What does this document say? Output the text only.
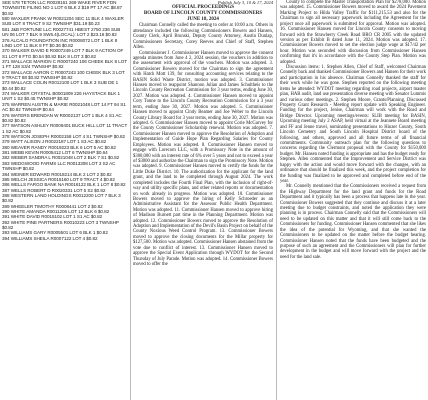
SEE 578 TETON LLC R0028161 269 WAKE RIVER FDN TOWNSITE FILING NO 1 LOT 6 BLK 2 $19 PT 17 AC $8.87 $0.82

580 WAXLER FRANK W R0021204 SEC 11 BLK 4 WAXLER SUB LOT 8 TRACT 9 S2 TWNSHP $31.19 $0.23

581 J&B FORTUNE LLC R0027741 HBEST 2750 236 SUB UN 06 LOT 7 BLK 9 SW6.4(LOCAL): LOT 2 $23.16 $0.82

376 ALCALO FOUNDATION INC R0008072 LOT 1 BLK 8 LIND LOT 11 BLK 8 FT $0.36 $0.82

370 WALKER DAVID E R0007249 LOT 7 BLK 9 ACTION OF S1 LOT 8 FTG $0.54 $0.82 BLK 8 LOT 3 $0.82

371 WALLACE MARION C R0007240 106 CHEEK BLK 8 LOT 1 FT 128 S3/4 TWNSHP $0.82

372 WALLACE AARON C R0007243 100 CHEEK BLK 3 LOT 9 TRACT 88 $0.82 TWNSHP $0.82

373 WALLACE COLIN R0012100 LOT 1 BLK 3 SUB DE 1 $0.44 $0.82

374 WALKER CRYSTAL B0001809 226 HAYSTACK BLK 1 UNIT 1 S2 $0.45 TWNSHP $0.82

375 WARREN AUSTIN & MARIE R0021048 LOT 14 FT 94 S1 AC $0.82 TWNSHP $0.64

376 WATERS BRENDAN W R0002137 LOT 1 BLK 4 S1 AC $0.82 $0.82

377 WATSON ASHLEY R0009401 BUCK HILL LOT 11 TRACT 1 S2 AC $0.82

378 WATSON JOSEPH R0002158 LOT 4 S1 TWNSHP $0.82

379 WATT ALISON J R0022187 LOT 1 S3 AC $0.82

380 WEAVER RANDY R0019223 BLK 6 LOT 5 AC $0.82

381 WEBB KEVIN R0005412 LOT 6 TWNSHP $0.64

382 WEBER SANDRA L R0021048 LOT 2 BLK 7 S1 $0.82

383 WEDGWOOD FARMS LLC R0013308 LOT 3 S2 AC TWNSHP $0.82

384 WEINER EDWARD R0018214 BLK 2 LOT 2 $0.82

385 WELCH JESSICA R0015160 LOT 9 TRACT 4 $0.82

386 WELLS FARGO BANK NA R0016122 BLK 1 LOT 8 $0.82

387 WELLS ROBERT D R0020331 LOT 5 S2 $0.82

388 WESTERN LAND HOLDINGS R0012200 LOT 7 BLK 3 $0.82

389 WHEELER TIMOTHY R0008441 LOT 2 $0.82

390 WHITE AMANDA R0011206 LOT 12 BLK 6 $0.82

391 WHITE DAVID R0015102 LOT 1 S1 AC $0.82

392 WHITE PINE PARTNERS R0010223 LOT 3 TWNSHP $0.82

393 WILLIAMS GARY R0005501 LOT 6 BLK 1 $0.82

394 WILLIAMS SHEILA R0007122 LOT 4 $0.82

Publish July 3, 10 & 17, 2024

OFFICIAL PROCEEDINGS

BOARD OF LINCOLN COUNTY COMMISSIONERS

JUNE 18, 2024

Chairman Connelly called the meeting to order at 10:00 a.m. Others in attendance included the following Commissioners Bowers and Hansen, County Clerk, April Brunski, Deputy County Attorney, Austin Dunlap, Commissioners Secretary, Corey Reeves and Chief of Staff, Stephen Allen.

Commissioner J. Commissioner Hansen moved to approve the consent agenda minutes from June 4 2, 2024 session, the vouchers in addition to the assessment with approval of the vouchers. Motion was adopted. 3. Commissioner Bowers moved for the Chairman to sign the agreement with Hatch Mott 139, for consulting accounting services relating to the BASIN Solid Waste District, motion was adopted. 3. Commissioner Hansen moved to reappoint Shannon Julian and James Schultheis to the Lincoln County Recreation Commission for 3 year terms, ending June 30, 2027. Motion was adopted. 4. Commissioner Hansen moved to appoint Cory Tonne to the Lincoln County Recreation Commission for a 3 year term, ending June 30, 2027. Motion was adopted. 5. Commissioner Hansen moved to appoint Cindy Beamer and Joe Weber to the Lincoln County Library Board for 3 year terms, ending June 30, 2027. Motion was adopted. 6. Commissioner Hansen moved to appoint Corie McGarvey for the County Commissioner Scholarship renewal. Motion was adopted. 7. Commissioner Hansen moved to approve the Resolution of Adoption and Implementation of Guide Hope Plan Regarding Salaries for County Employees. Motion was adopted. 8. Commissioner Hansen moved to engage with Lorecom LLC, with a Promissory Note in the amount of $300,000 with an interest rate of 6% over 5 years and not to exceed a year of $3000 and authorize the Chairman to sign the Promissory Note. Motion was adopted. 9. Commissioner Hansen moved to certify the funds for the Little Duke District. 10. The authorization for the applicant for the land grant, and the land to be completed through August 2024. The work completed includes the Fourth Final Plan, with the inclusion of right-of-way and utility specific plans, and other related reports or documentation on work already in progress. Motion was adopted. 10. Commissioner Bowers moved to approve the hiring of Kelly Schroeder as an Administrative Assistant for the Assessor Public Health Department. Motion was adopted. 11. Commissioner Hansen moved to approve hiring of Madison Burnett part time in the Planning Department. Motion was adopted. 12. Commissioner Bowers moved to approve the Resolution of Adoption and Implementation of the Devil's Basin Project on behalf of the County Noxious Weed Control Program. 13. Commissioner Bowers moved to approve the closing documents for the Millar property for $127,500. Motion was adopted. Commissioner Hansen abstained from the vote due to conflict of interest. 13. Commissioner Hansen moved to approve the Special Event Application through WYDOT for the Second Thursday of July Parade. Motion was adopted. 14. Commissioner Bowers moved to offer the

County to complete the Master Transportation Plan for $278,000. Motion was adopted. 15. Commissioner Bowers moved to award the 2024 Pavement Marking Project to Hilda Valley Traffic for $111,215.53 and also for the Chairman to sign all necessary paperwork including the Agreement for the project once all paperwork is submitted for approval. Motion was adopted. 16. Commissioner Hansen moved for Lincoln County consents to moving forward with the Strawberry Creek Road BRO CR 2005 with the updated version as per Exhibit B dated June 11, 2024. Motion was adopted. 17. Commissioner Bowers moved to set the election judge wage at $17/42 per hour. Motion was seconded with discussion from Commissioner Hansen confirming that it's in accordance with the County Step Plan. Motion was adopted.

Discussion items: 1. Stephen Allen, Chief of Staff, welcomed Chairman Connelly back and thanked Commissioner Bowers and Hansen for their work and participation in his absence. Chairman Connelly thanked the staff for their work while he was gone. Stephen reported on the following meeting items he attended: WYDOT meeting regarding road projects, airport master plan, HAB audit, land use presentation diverse meeting with Senator Lummis and various other meetings. 2. Stephen Moore, Grants/Planning, Discussed Property Grant Research - Meeting report update with Speaking Engineer. Funding for the project, Jenise, Chairman will work with the Road and Bridge Director. Upcoming meetings/events: SLIB meeting for BASIN, Upcoming meeting July 2 ASAP, held virtual at the Jeannete Board meeting and FF and Jenne travel, nominating presentations to Hinzer County, South Lincoln Cemetery and South Lincoln Hospital District board of the following, and others, approved and all future terms of all financial commitments. Community outreach plan for the following questions to concerns regarding the Clermont proposal with the County for $150,000 budget. Mr. Hansen noted funding is appropriate and has the budget ready for Stephen. Allen commented that the Improvement and Service District was happy with the action and would move forward with the changes, with an ordinance that should be finalized this week, and the project completion for the funding was finalized to be approved and completed before end of the year.

Mr. Connelly mentioned that the Commissioners received a request from the Highway Department for the land grant and funds for the Road Department and it typically has been a process that happens late in the year. Commissioner Bowers suggested that they continue and discuss it at a later meeting due to budget constraints, and noted the application they were planning is in process. Chairman Connelly said that the Commissioners will need to be updated on this matter and that it will still come back to the Commissioners for funding. Commissioner Hansen commented that she likes the idea of the potential for Wyoming, and that she wanted the Commissioners to be updated on the matter before the budget hearing. Commissioner Hansen noted that the funds have been budgeted and the purpose of such an agreement and the Commissioners will plan for further development in the budget and will move forward with the project and the need for the land sale.
